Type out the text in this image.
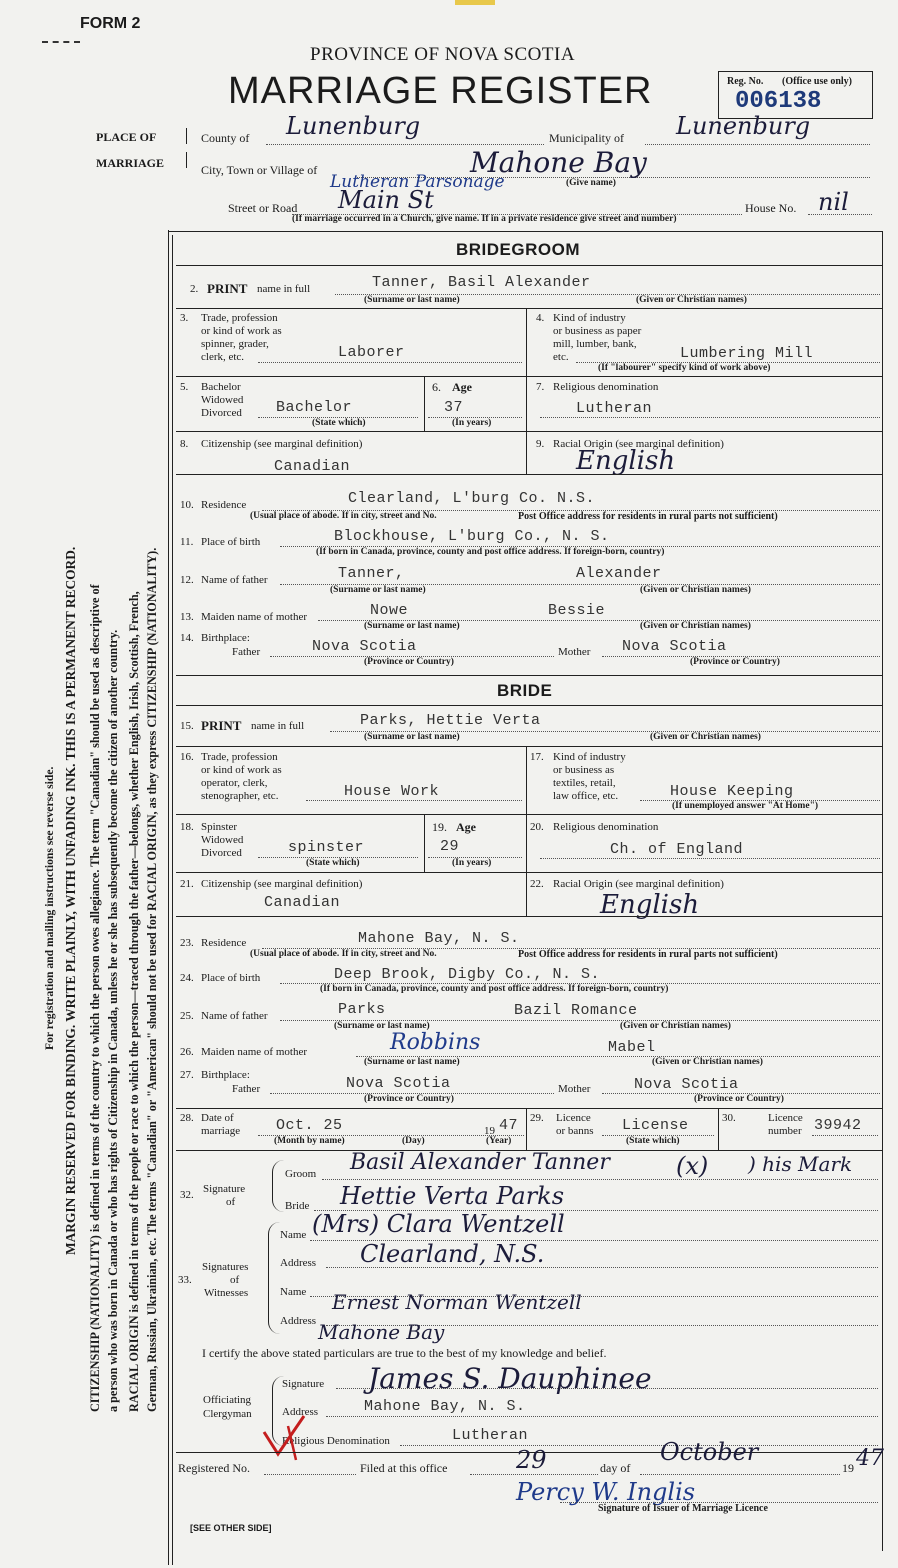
FORM 2
PROVINCE OF NOVA SCOTIA
MARRIAGE REGISTER	Reg. No. (Office use only)
006138
PLACE OF
MARRIAGE
County of Lunenburg	Municipality of Lunenburg
City, Town or Village of	Mahone Bay
Lutheran Parsonage	(Give name)
Street or Road Main St	House No. nil
(If marriage occurred in a Church, give name. If in a private residence give street and number)
For registration and mailing instructions see reverse side. MARGIN RESERVED FOR BINDING. WRITE PLAINLY, WITH UNFADING INK. THIS IS A PERMANENT RECORD. CITIZENSHIP (NATIONALITY) is defined in terms of the country to which the person owes allegiance. The term "Canadian" should be used as descriptive of a person who was born in Canada or who has rights of Citizenship in Canada, unless he or she has subsequently become the citizen of another country. RACIAL ORIGIN is defined in terms of the people or race to which the person—traced through the father—belongs, whether English, Irish, Scottish, French, German, Russian, Ukrainian, etc. The terms "Canadian" or "American" should not be used for RACIAL ORIGIN, as they express CITIZENSHIP (NATIONALITY).
BRIDEGROOM
2. PRINT name in full	Tanner, Basil Alexander
(Surname or last name)	(Given or Christian names)
3. Trade, profession
or kind of work as
spinner, grader,
clerk, etc.	Laborer
4. Kind of industry
or business as paper
mill, lumber, bank,
etc.	Lumbering Mill
(If "labourer" specify kind of work above)
5. Bachelor
Widowed
Divorced Bachelor
(State which)
6. Age
37
(In years)
7. Religious denomination
Lutheran
8. Citizenship (see marginal definition)
Canadian
9. Racial Origin (see marginal definition)
English
10. Residence	Clearland, L'burg Co. N.S.
(Usual place of abode. If in city, street and No.	Post Office address for residents in rural parts not sufficient)
11. Place of birth	Blockhouse, L'burg Co., N. S.
(If born in Canada, province, county and post office address. If foreign-born, country)
12. Name of father	Tanner,	Alexander
(Surname or last name)	(Given or Christian names)
13. Maiden name of mother	Nowe	Bessie
(Surname or last name)	(Given or Christian names)
14. Birthplace:
Father	Nova Scotia	Mother Nova Scotia
(Province or Country)	(Province or Country)
BRIDE
15. PRINT name in full	Parks, Hettie Verta
(Surname or last name)	(Given or Christian names)
16. Trade, profession
or kind of work as
operator, clerk,
stenographer, etc.	House Work
17. Kind of industry
or business as
textiles, retail,
law office, etc.	House Keeping
(If unemployed answer "At Home")
18. Spinster
Widowed
Divorced	spinster
(State which)
19. Age
29
(In years)
20. Religious denomination
Ch. of England
21. Citizenship (see marginal definition)
Canadian
22. Racial Origin (see marginal definition)
English
23. Residence	Mahone Bay, N. S.
(Usual place of abode. If in city, street and No.	Post Office address for residents in rural parts not sufficient)
24. Place of birth	Deep Brook, Digby Co., N. S.
(If born in Canada, province, county and post office address. If foreign-born, country)
25. Name of father	Parks	Bazil Romance
(Surname or last name)	(Given or Christian names)
26. Maiden name of mother	Robbins	Mabel
(Surname or last name)	(Given or Christian names)
27. Birthplace:
Father	Nova Scotia	Mother	Nova Scotia
(Province or Country)	(Province or Country)
28. Date of
marriage Oct. 25	19 47
(Month by name)	(Day)	(Year)
29. Licence
or banns License
(State which)
30.	Licence
number 39942
32. Signature
of
Groom Basil Alexander Tanner	(x) ) his Mark
Bride Hettie Verta Parks
33.
Signatures
of
Witnesses
Name (Mrs) Clara Wentzell
Address Clearland, N.S.
Name Ernest Norman Wentzell
Address Mahone Bay
I certify the above stated particulars are true to the best of my knowledge and belief.
Officiating
Clergyman
Signature James S. Dauphinee
Address	Mahone Bay, N. S.
Religious Denomination	Lutheran
Registered No.	Filed at this office	29	day of
October
19 47
Percy W. Inglis
Signature of Issuer of Marriage Licence
[SEE OTHER SIDE]
